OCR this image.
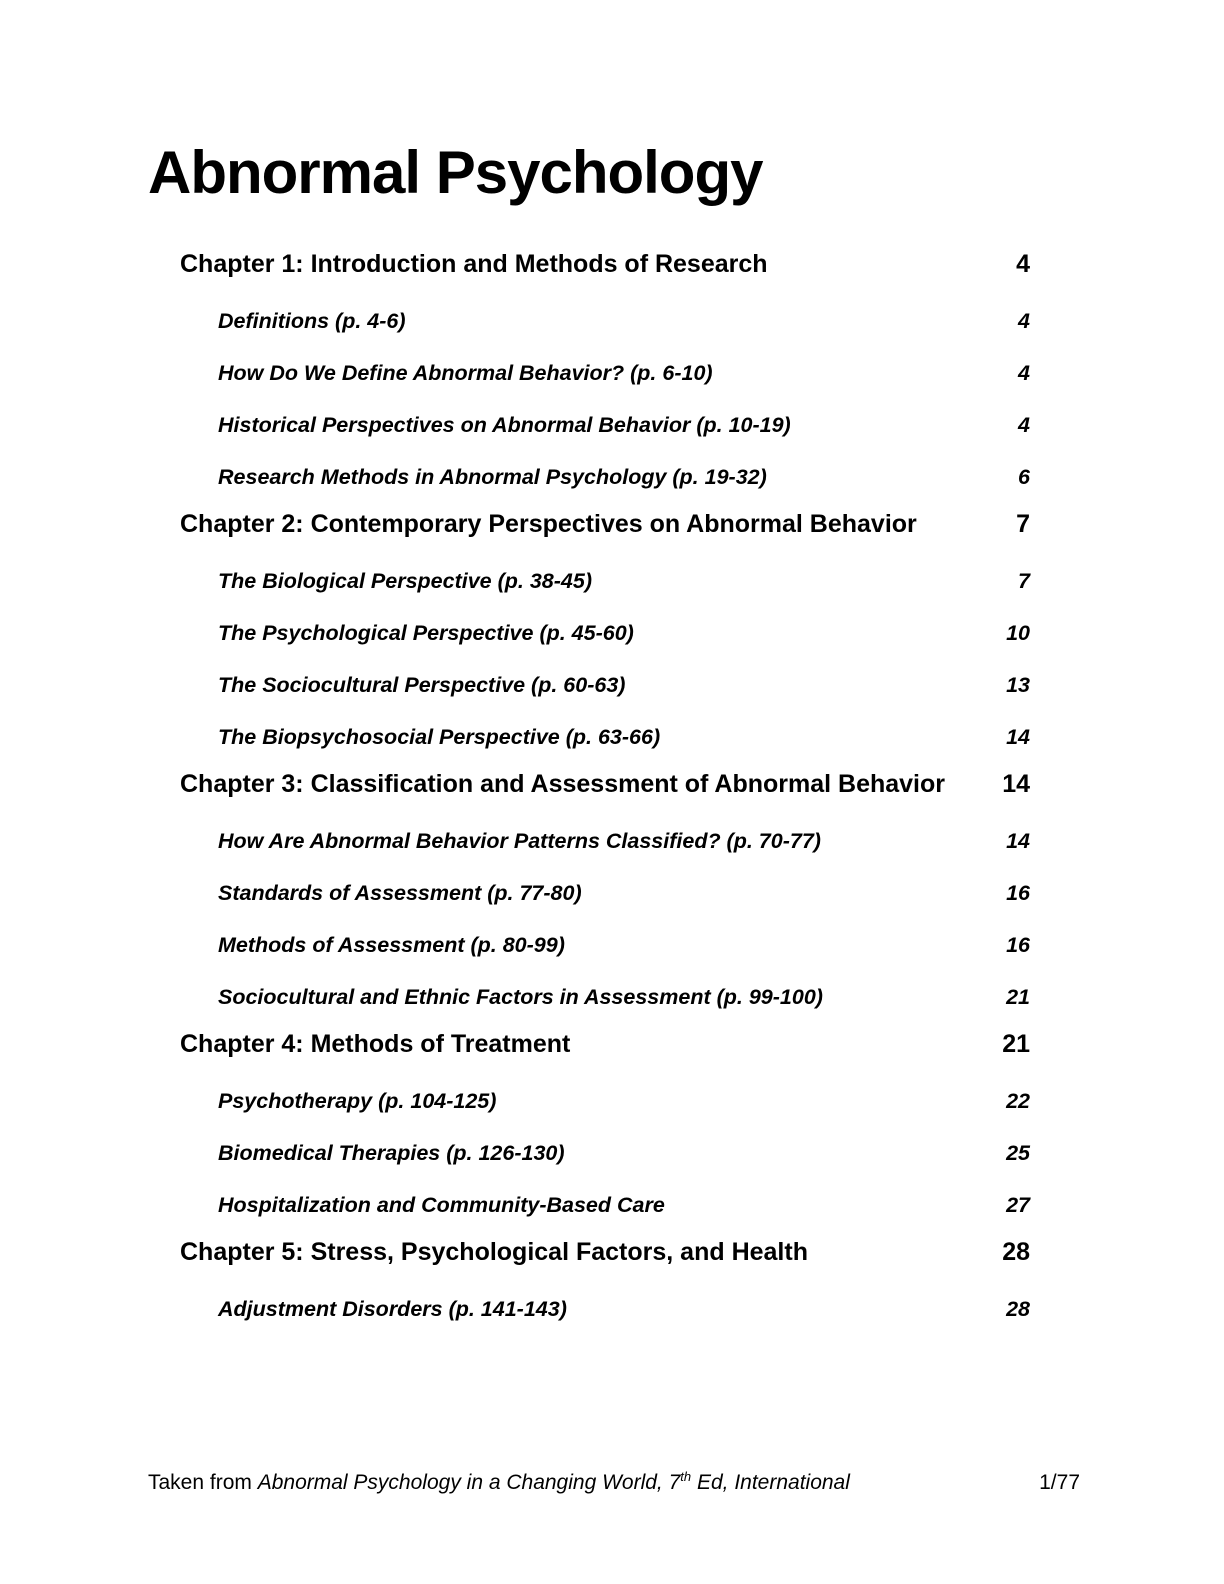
Abnormal Psychology
Chapter 1: Introduction and Methods of Research	4
Definitions (p. 4-6)	4
How Do We Define Abnormal Behavior? (p. 6-10)	4
Historical Perspectives on Abnormal Behavior (p. 10-19)	4
Research Methods in Abnormal Psychology (p. 19-32)	6
Chapter 2: Contemporary Perspectives on Abnormal Behavior	7
The Biological Perspective (p. 38-45)	7
The Psychological Perspective (p. 45-60)	10
The Sociocultural Perspective (p. 60-63)	13
The Biopsychosocial Perspective (p. 63-66)	14
Chapter 3: Classification and Assessment of Abnormal Behavior 14
How Are Abnormal Behavior Patterns Classified? (p. 70-77)	14
Standards of Assessment (p. 77-80)	16
Methods of Assessment (p. 80-99)	16
Sociocultural and Ethnic Factors in Assessment (p. 99-100)	21
Chapter 4: Methods of Treatment	21
Psychotherapy (p. 104-125)	22
Biomedical Therapies (p. 126-130)	25
Hospitalization and Community-Based Care	27
Chapter 5: Stress, Psychological Factors, and Health	28
Adjustment Disorders (p. 141-143)	28
Taken from Abnormal Psychology in a Changing World, 7th Ed, International	1/77
